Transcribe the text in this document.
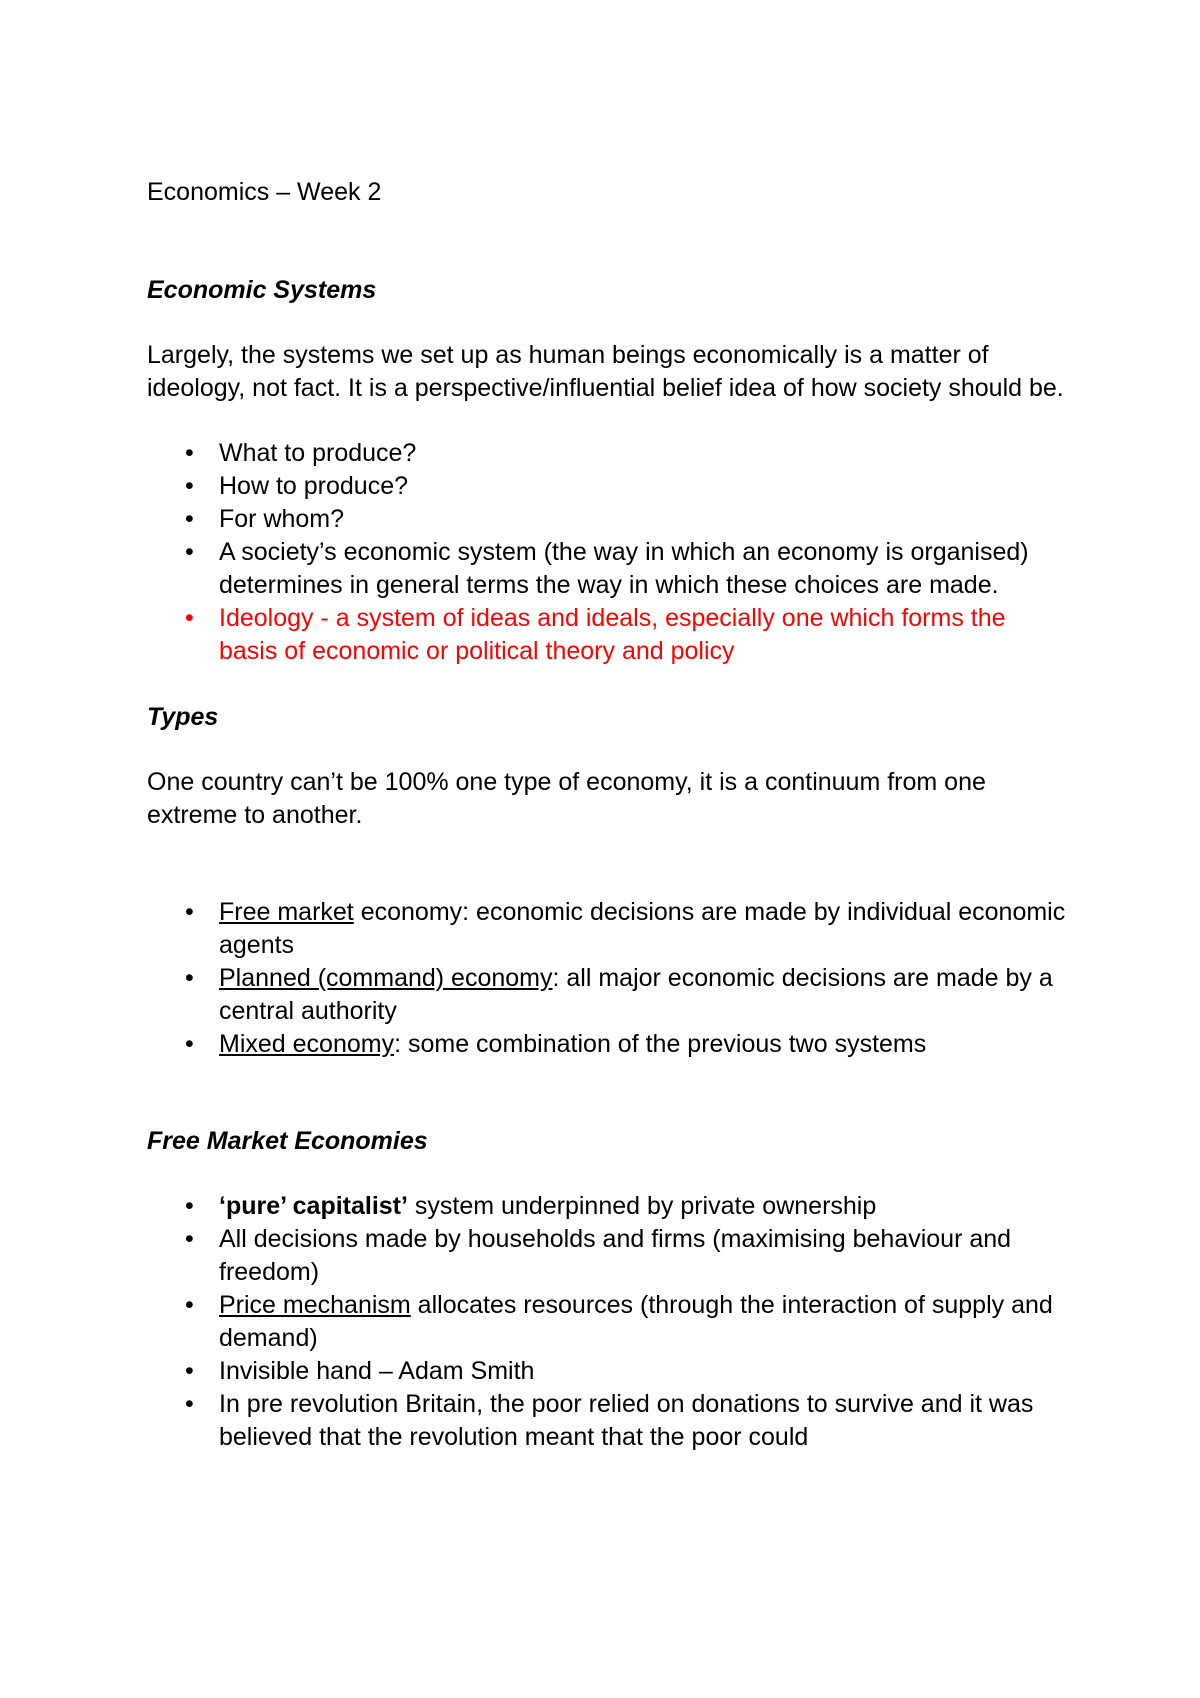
Economics – Week 2
Economic Systems
Largely, the systems we set up as human beings economically is a matter of ideology, not fact. It is a perspective/influential belief idea of how society should be.
• What to produce?
• How to produce?
• For whom?
• A society’s economic system (the way in which an economy is organised) determines in general terms the way in which these choices are made.
• Ideology - a system of ideas and ideals, especially one which forms the basis of economic or political theory and policy
Types
One country can’t be 100% one type of economy, it is a continuum from one extreme to another.
• Free market economy: economic decisions are made by individual economic agents
• Planned (command) economy: all major economic decisions are made by a central authority
• Mixed economy: some combination of the previous two systems
Free Market Economies
• ‘pure’ capitalist’ system underpinned by private ownership
• All decisions made by households and firms (maximising behaviour and freedom)
• Price mechanism allocates resources (through the interaction of supply and demand)
• Invisible hand – Adam Smith
• In pre revolution Britain, the poor relied on donations to survive and it was believed that the revolution meant that the poor could
